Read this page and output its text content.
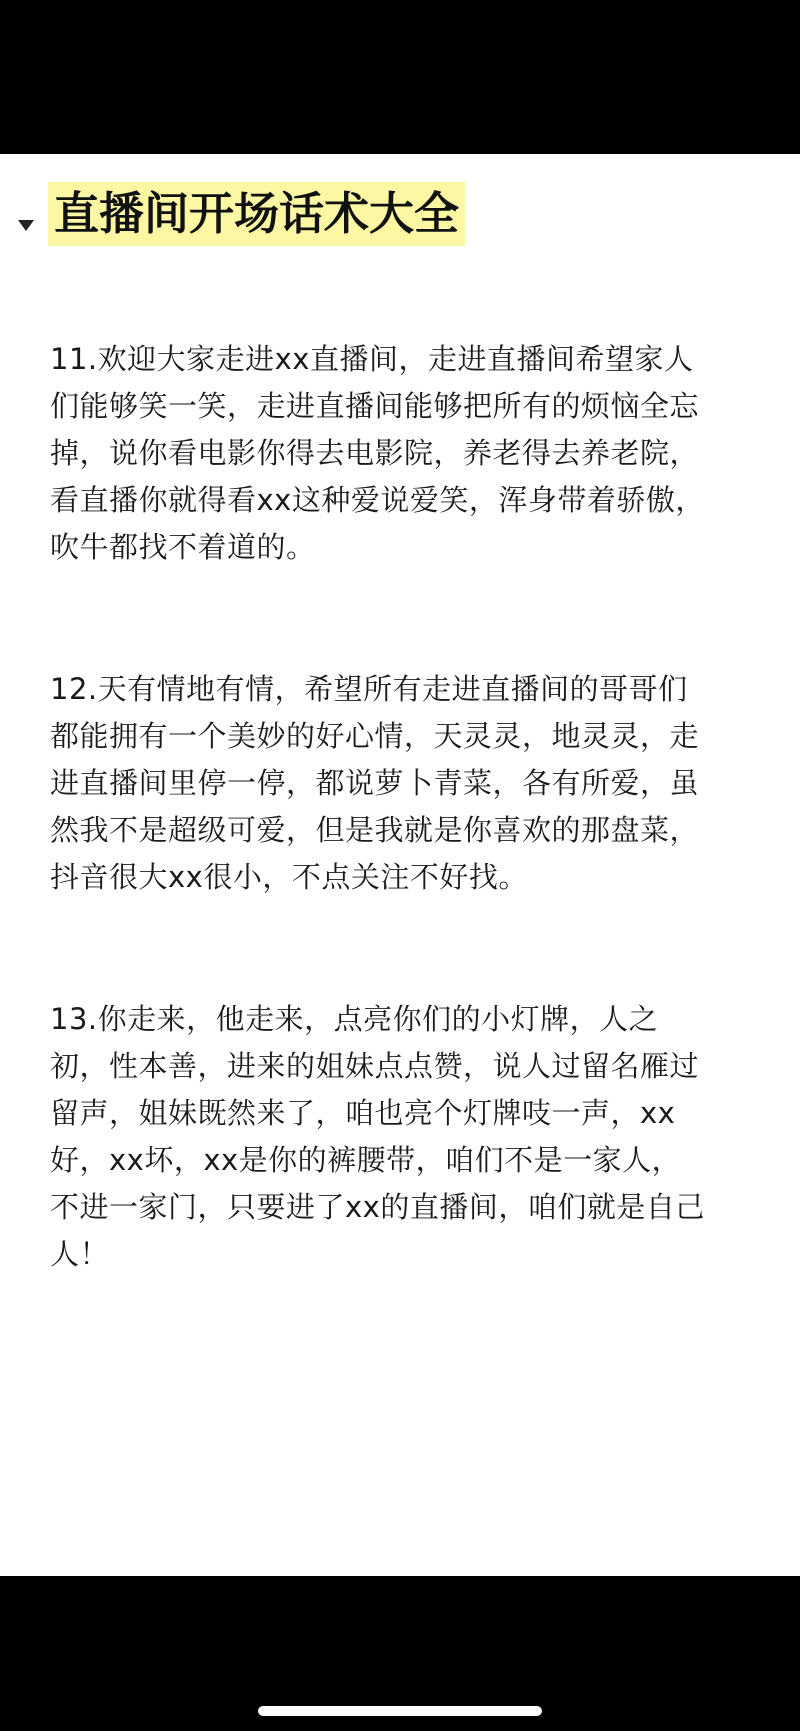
直播间开场话术大全
11.欢迎大家走进xx直播间，走进直播间希望家人
们能够笑一笑，走进直播间能够把所有的烦恼全忘
掉，说你看电影你得去电影院，养老得去养老院，
看直播你就得看xx这种爱说爱笑，浑身带着骄傲，
吹牛都找不着道的。
12.天有情地有情，希望所有走进直播间的哥哥们
都能拥有一个美妙的好心情，天灵灵，地灵灵，走
进直播间里停一停，都说萝卜青菜，各有所爱，虽
然我不是超级可爱，但是我就是你喜欢的那盘菜，
抖音很大xx很小，不点关注不好找。
13.你走来，他走来，点亮你们的小灯牌，人之
初，性本善，进来的姐妹点点赞，说人过留名雁过
留声，姐妹既然来了，咱也亮个灯牌吱一声，xx
好，xx坏，xx是你的裤腰带，咱们不是一家人，
不进一家门，只要进了xx的直播间，咱们就是自己
人！
